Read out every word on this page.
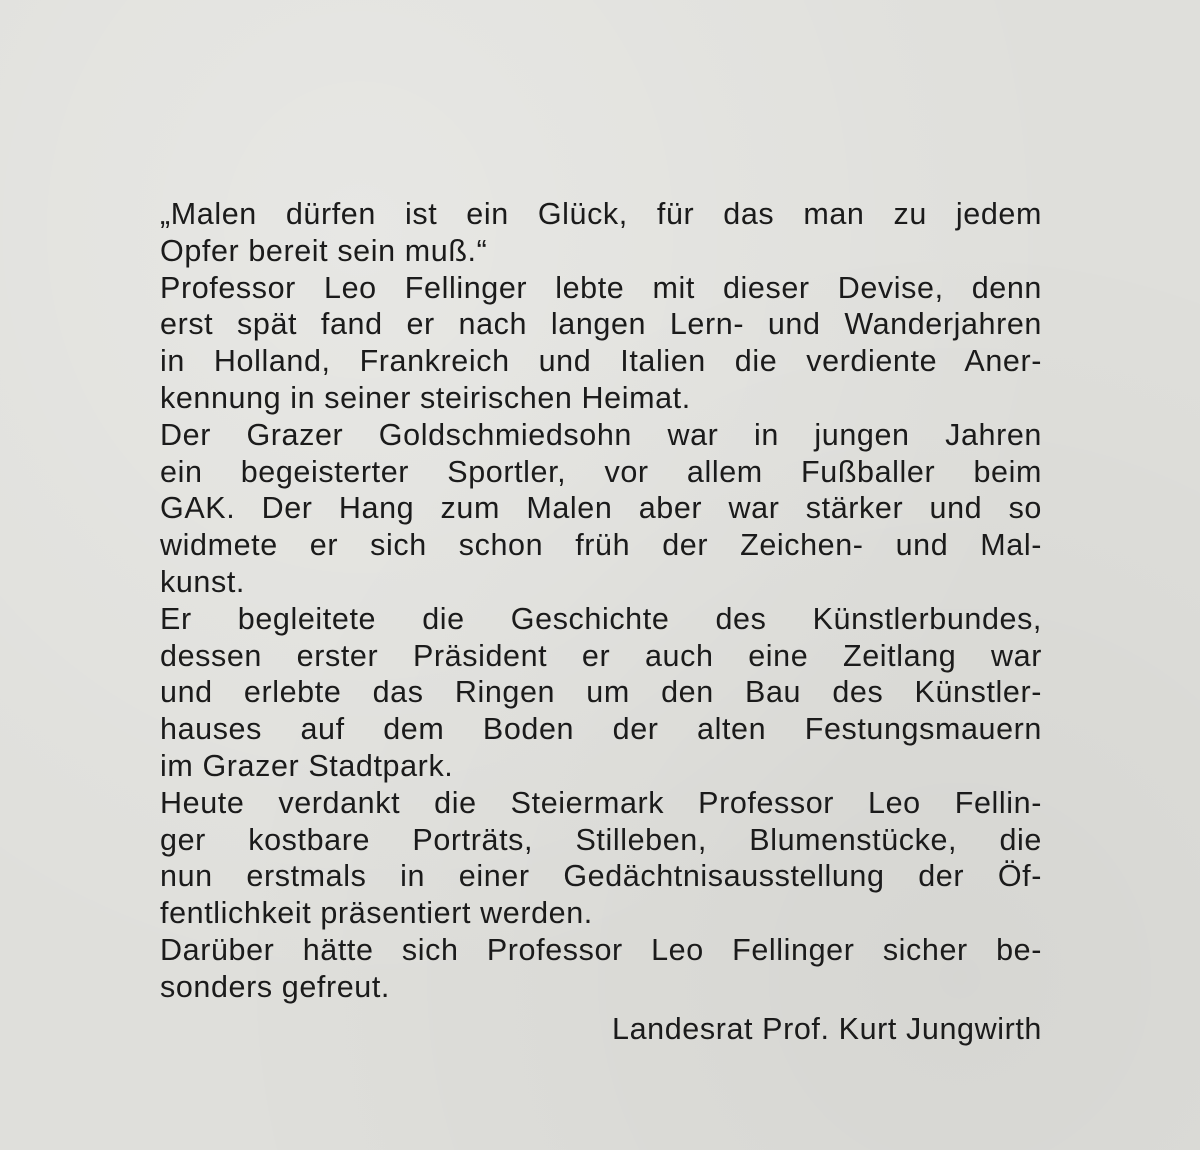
„Malen dürfen ist ein Glück, für das man zu jedem
Opfer bereit sein muß.“
Professor Leo Fellinger lebte mit dieser Devise, denn
erst spät fand er nach langen Lern- und Wanderjahren
in Holland, Frankreich und Italien die verdiente Aner-
kennung in seiner steirischen Heimat.
Der Grazer Goldschmiedsohn war in jungen Jahren
ein begeisterter Sportler, vor allem Fußballer beim
GAK. Der Hang zum Malen aber war stärker und so
widmete er sich schon früh der Zeichen- und Mal-
kunst.
Er begleitete die Geschichte des Künstlerbundes,
dessen erster Präsident er auch eine Zeitlang war
und erlebte das Ringen um den Bau des Künstler-
hauses auf dem Boden der alten Festungsmauern
im Grazer Stadtpark.
Heute verdankt die Steiermark Professor Leo Fellin-
ger kostbare Porträts, Stilleben, Blumenstücke, die
nun erstmals in einer Gedächtnisausstellung der Öf-
fentlichkeit präsentiert werden.
Darüber hätte sich Professor Leo Fellinger sicher be-
sonders gefreut.
Landesrat Prof. Kurt Jungwirth
